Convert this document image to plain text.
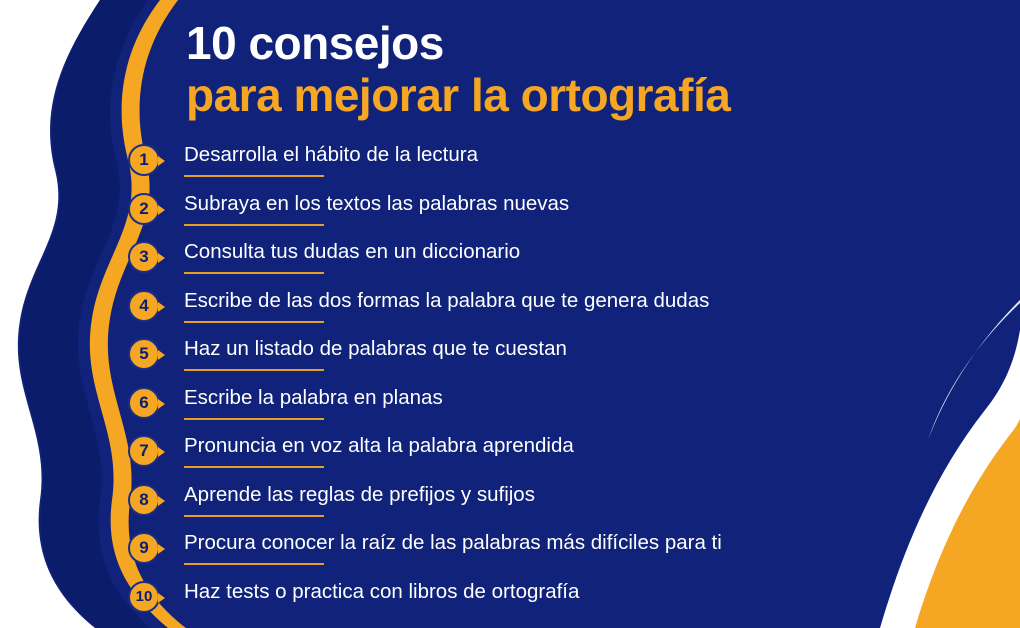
10 consejos
para mejorar la ortografía
1	Desarrolla el hábito de la lectura
2	Subraya en los textos las palabras nuevas
3	Consulta tus dudas en un diccionario
4	Escribe de las dos formas la palabra que te genera dudas
5	Haz un listado de palabras que te cuestan
6	Escribe la palabra en planas
7	Pronuncia en voz alta la palabra aprendida
8	Aprende las reglas de prefijos y sufijos
9	Procura conocer la raíz de las palabras más difíciles para ti
10	Haz tests o practica con libros de ortografía
